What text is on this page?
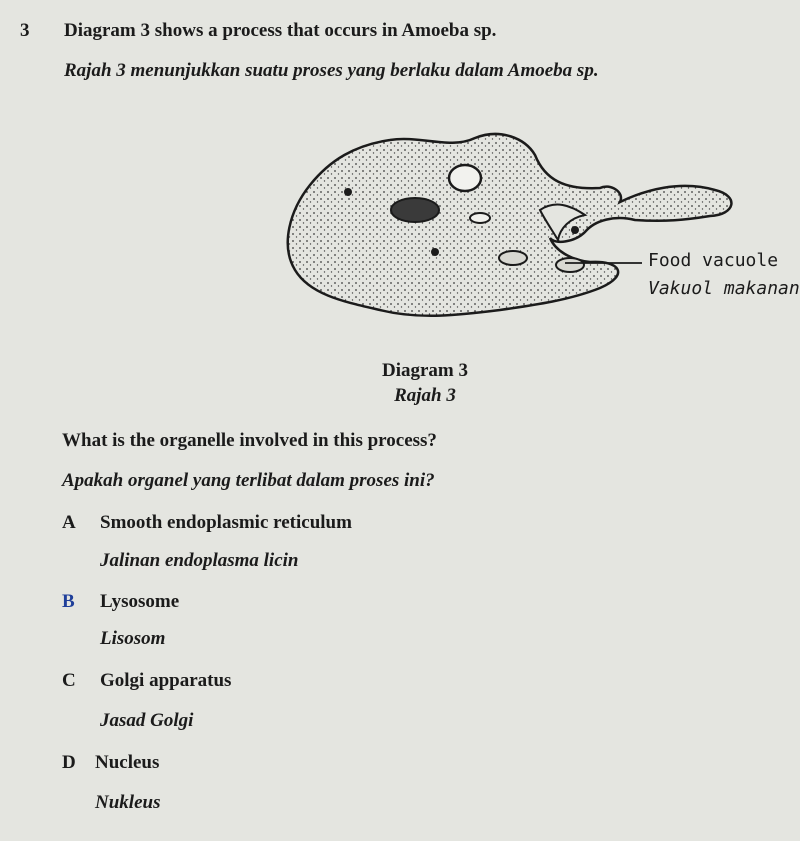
3 Diagram 3 shows a process that occurs in Amoeba sp.
Rajah 3 menunjukkan suatu proses yang berlaku dalam Amoeba sp.
Food vacuole
Vakuol makanan
Diagram 3
Rajah 3
What is the organelle involved in this process?
Apakah organel yang terlibat dalam proses ini?
A Smooth endoplasmic reticulum
Jalinan endoplasma licin
B Lysosome
Lisosom
C Golgi apparatus
Jasad Golgi
D Nucleus
Nukleus
